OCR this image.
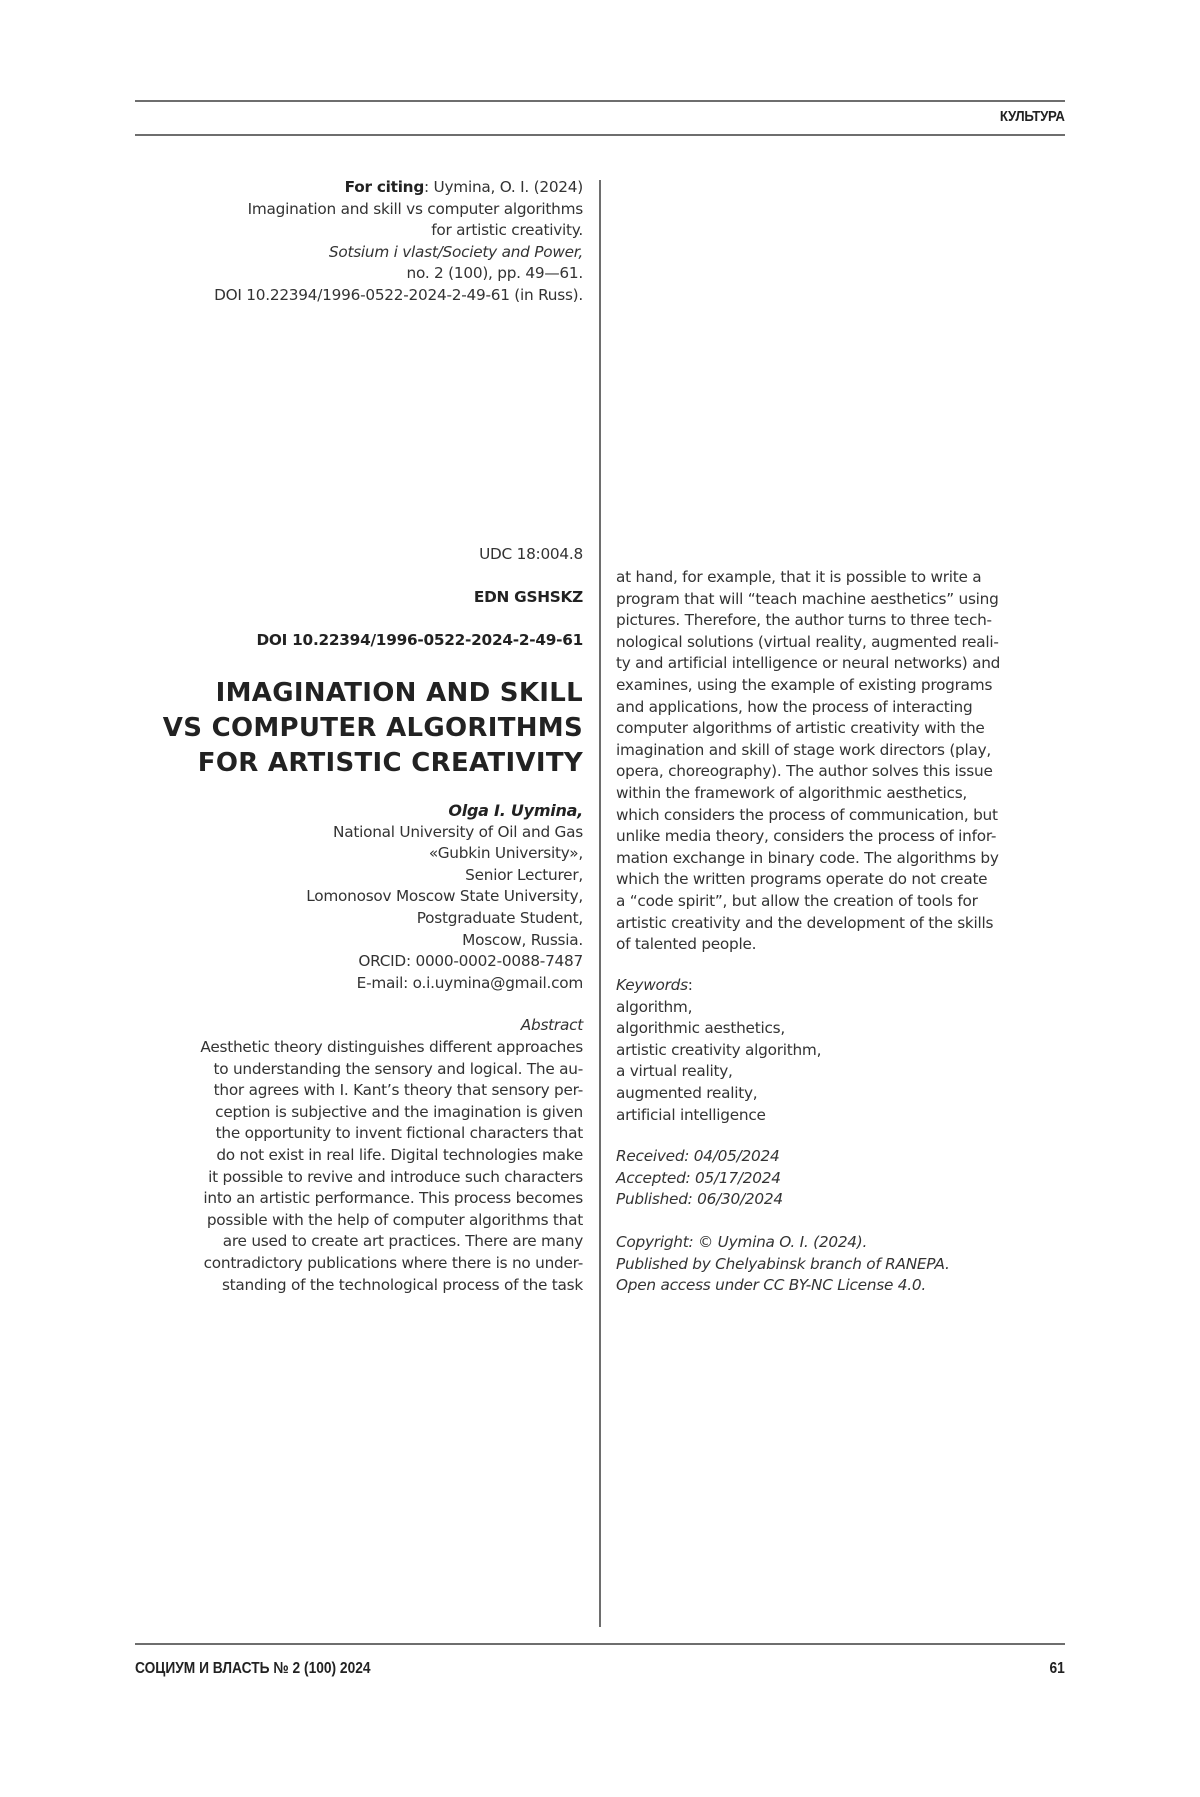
КУЛЬТУРА
For citing: Uymina, O. I. (2024)
Imagination and skill vs computer algorithms
for artistic creativity.
Sotsium i vlast/Society and Power,
no. 2 (100), pp. 49—61.
DOI 10.22394/1996-0522-2024-2-49-61 (in Russ).
UDC 18:004.8
EDN GSHSKZ
DOI 10.22394/1996-0522-2024-2-49-61
IMAGINATION AND SKILL
VS COMPUTER ALGORITHMS
FOR ARTISTIC CREATIVITY
Olga I. Uymina,
National University of Oil and Gas
«Gubkin University»,
Senior Lecturer,
Lomonosov Moscow State University,
Postgraduate Student,
Moscow, Russia.
ORCID: 0000-0002-0088-7487
E-mail: o.i.uymina@gmail.com
Abstract
Aesthetic theory distinguishes different approaches
to understanding the sensory and logical. The au-
thor agrees with I. Kant’s theory that sensory per-
ception is subjective and the imagination is given
the opportunity to invent fictional characters that
do not exist in real life. Digital technologies make
it possible to revive and introduce such characters
into an artistic performance. This process becomes
possible with the help of computer algorithms that
are used to create art practices. There are many
contradictory publications where there is no under-
standing of the technological process of the task
at hand, for example, that it is possible to write a
program that will “teach machine aesthetics” using
pictures. Therefore, the author turns to three tech-
nological solutions (virtual reality, augmented reali-
ty and artificial intelligence or neural networks) and
examines, using the example of existing programs
and applications, how the process of interacting
computer algorithms of artistic creativity with the
imagination and skill of stage work directors (play,
opera, choreography). The author solves this issue
within the framework of algorithmic aesthetics,
which considers the process of communication, but
unlike media theory, considers the process of infor-
mation exchange in binary code. The algorithms by
which the written programs operate do not create
a “code spirit”, but allow the creation of tools for
artistic creativity and the development of the skills
of talented people.
Keywords:
algorithm,
algorithmic aesthetics,
artistic creativity algorithm,
a virtual reality,
augmented reality,
artificial intelligence
Received: 04/05/2024
Accepted: 05/17/2024
Published: 06/30/2024
Copyright: © Uymina O. I. (2024).
Published by Chelyabinsk branch of RANEPA.
Open access under CC BY-NC License 4.0.
СОЦИУМ И ВЛАСТЬ № 2 (100) 2024	61
